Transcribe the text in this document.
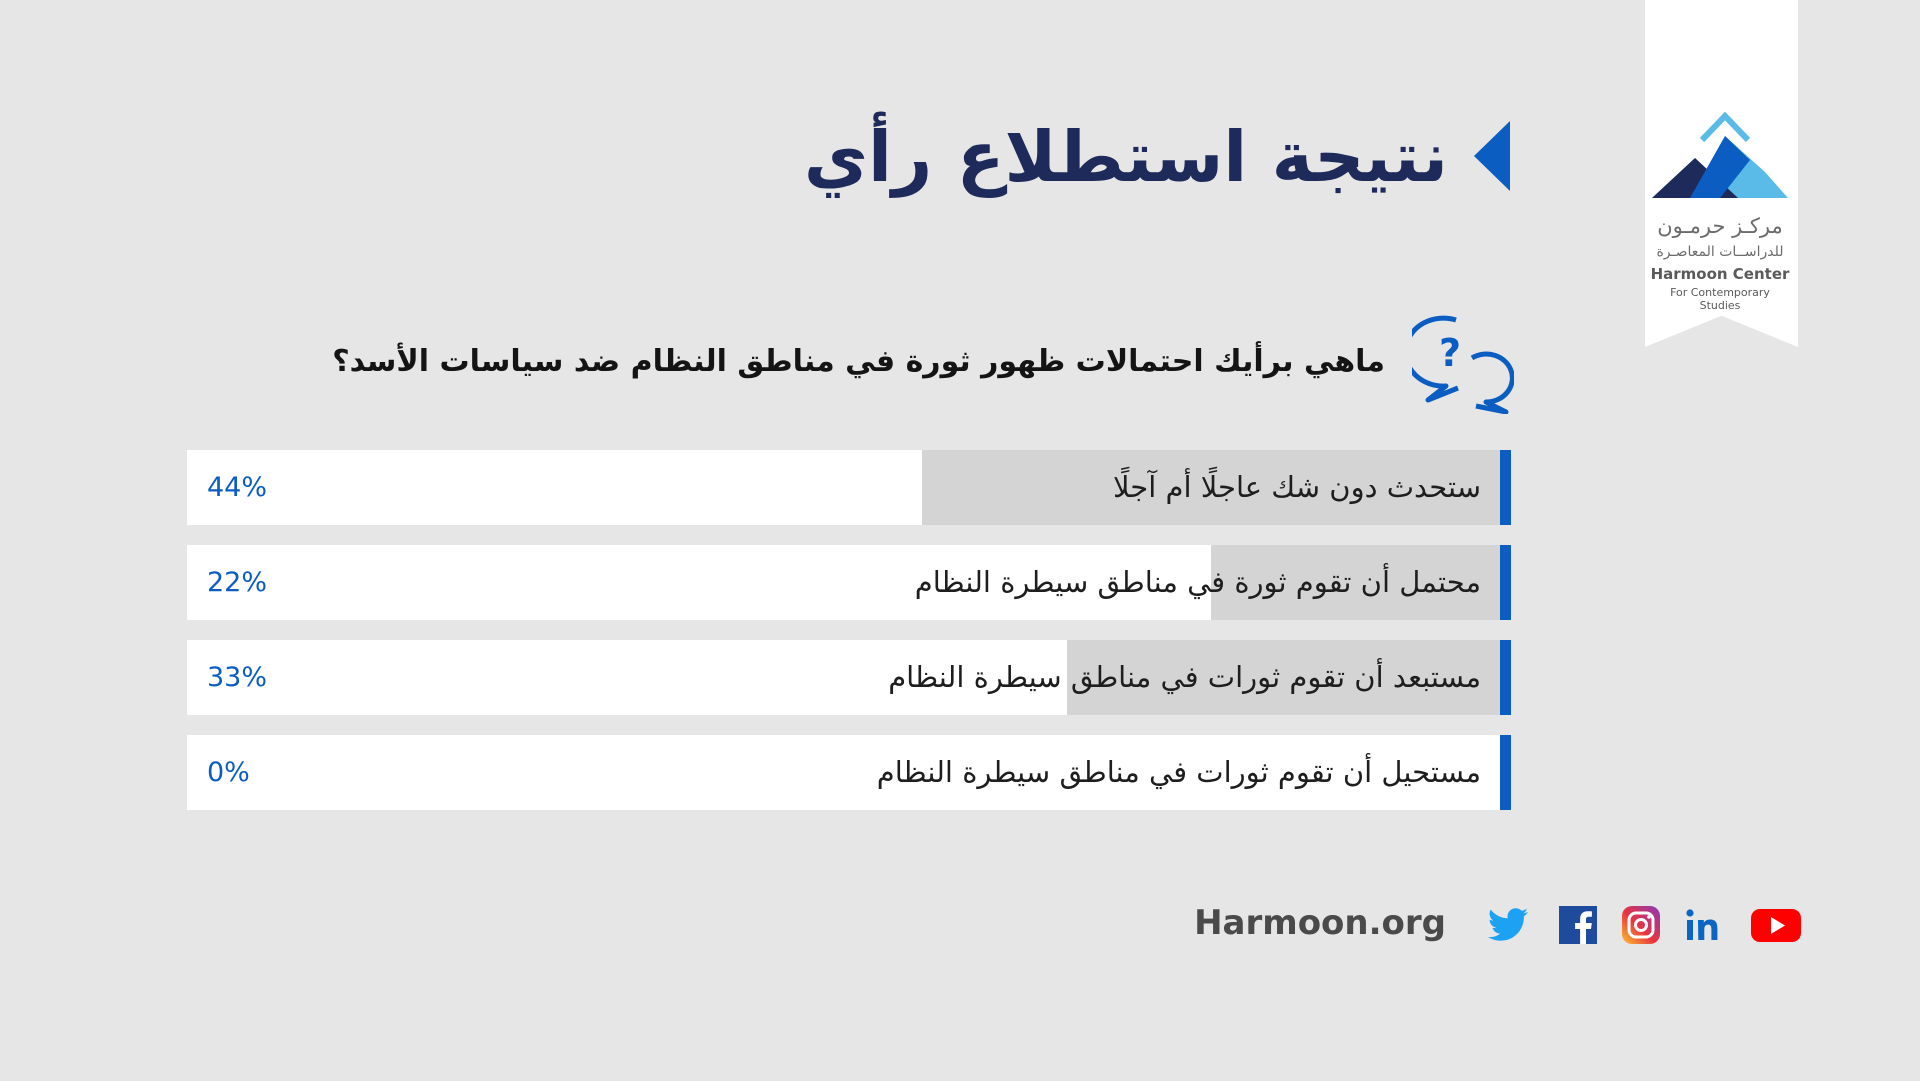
مركـز حرمـون
للدراســات المعاصـرة
Harmoon Center
For Contemporary Studies
نتيجة استطلاع رأي
ماهي برأيك احتمالات ظهور ثورة في مناطق النظام ضد سياسات الأسد؟ ?
ستحدث دون شك عاجلًا أم آجلًا
44%
محتمل أن تقوم ثورة في مناطق سيطرة النظام
22%
مستبعد أن تقوم ثورات في مناطق سيطرة النظام
33%
مستحيل أن تقوم ثورات في مناطق سيطرة النظام
0%
Harmoon.org
